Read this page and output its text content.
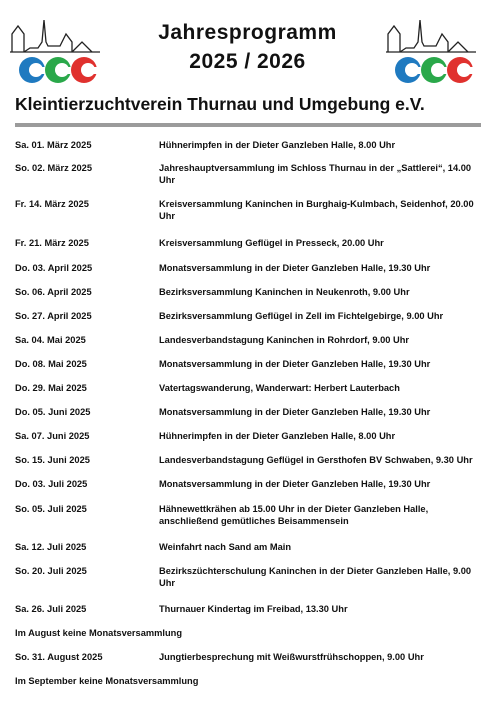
Jahresprogramm
2025 / 2026
Kleintierzuchtverein Thurnau und Umgebung e.V.
Sa. 01. März 2025	Hühnerimpfen in der Dieter Ganzleben Halle, 8.00 Uhr
So. 02. März 2025	Jahreshauptversammlung im Schloss Thurnau in der „Sattlerei“, 14.00 Uhr
Fr. 14. März 2025	Kreisversammlung Kaninchen in Burghaig-Kulmbach, Seidenhof, 20.00 Uhr
Fr. 21. März 2025	Kreisversammlung Geflügel in Presseck, 20.00 Uhr
Do. 03. April 2025	Monatsversammlung in der Dieter Ganzleben Halle, 19.30 Uhr
So. 06. April 2025	Bezirksversammlung Kaninchen in Neukenroth, 9.00 Uhr
So. 27. April 2025	Bezirksversammlung Geflügel in Zell im Fichtelgebirge, 9.00 Uhr
Sa. 04. Mai 2025	Landesverbandstagung Kaninchen in Rohrdorf, 9.00 Uhr
Do. 08. Mai 2025	Monatsversammlung in der Dieter Ganzleben Halle, 19.30 Uhr
Do. 29. Mai 2025	Vatertagswanderung, Wanderwart: Herbert Lauterbach
Do. 05. Juni 2025	Monatsversammlung in der Dieter Ganzleben Halle, 19.30 Uhr
Sa. 07. Juni 2025	Hühnerimpfen in der Dieter Ganzleben Halle, 8.00 Uhr
So. 15. Juni 2025	Landesverbandstagung Geflügel in Gersthofen BV Schwaben, 9.30 Uhr
Do. 03. Juli 2025	Monatsversammlung in der Dieter Ganzleben Halle, 19.30 Uhr
So. 05. Juli 2025	Hähnewettkrähen ab 15.00 Uhr in der Dieter Ganzleben Halle, anschließend gemütliches Beisammensein
Sa. 12. Juli 2025	Weinfahrt nach Sand am Main
So. 20. Juli 2025	Bezirkszüchterschulung Kaninchen in der Dieter Ganzleben Halle, 9.00 Uhr
Sa. 26. Juli 2025	Thurnauer Kindertag im Freibad, 13.30 Uhr
Im August keine Monatsversammlung
So. 31. August 2025	Jungtierbesprechung mit Weißwurstfrühschoppen, 9.00 Uhr
Im September keine Monatsversammlung
